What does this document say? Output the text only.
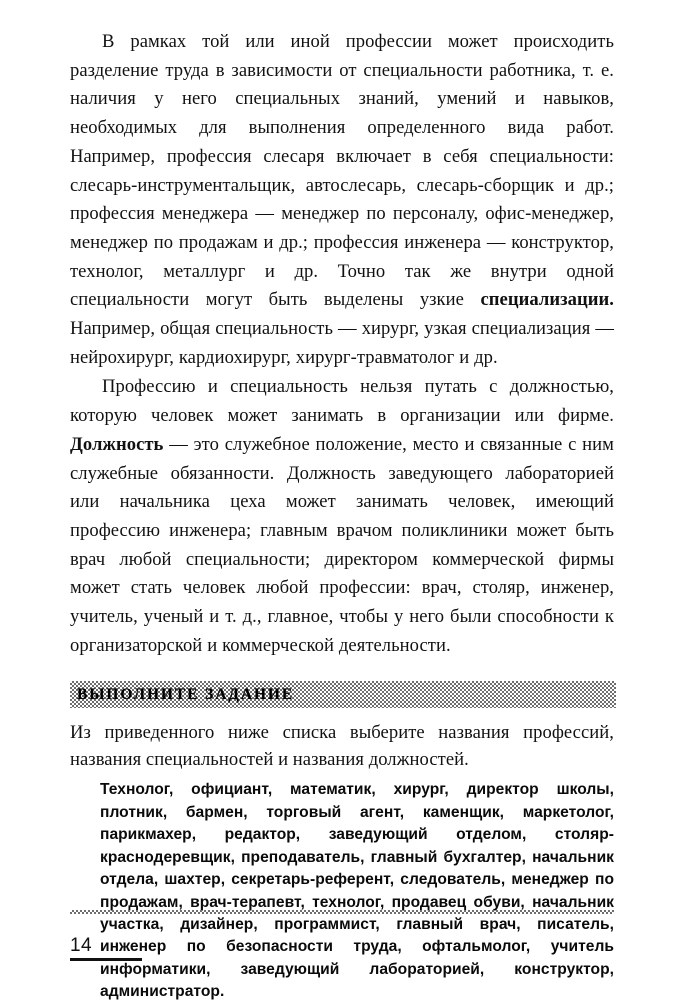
В рамках той или иной профессии может происходить разделение труда в зависимости от специальности работника, т. е. наличия у него специальных знаний, умений и навыков, необходимых для выполнения определенного вида работ. Например, профессия слесаря включает в себя специальности: слесарь-инструментальщик, автослесарь, слесарь-сборщик и др.; профессия менеджера — менеджер по персоналу, офис-менеджер, менеджер по продажам и др.; профессия инженера — конструктор, технолог, металлург и др. Точно так же внутри одной специальности могут быть выделены узкие специализации. Например, общая специальность — хирург, узкая специализация — нейрохирург, кардиохирург, хирург-травматолог и др.

Профессию и специальность нельзя путать с должностью, которую человек может занимать в организации или фирме. Должность — это служебное положение, место и связанные с ним служебные обязанности. Должность заведующего лабораторией или начальника цеха может занимать человек, имеющий профессию инженера; главным врачом поликлиники может быть врач любой специальности; директором коммерческой фирмы может стать человек любой профессии: врач, столяр, инженер, учитель, ученый и т. д., главное, чтобы у него были способности к организаторской и коммерческой деятельности.

ВЫПОЛНИТЕ ЗАДАНИЕ

Из приведенного ниже списка выберите названия профессий, названия специальностей и названия должностей.

Технолог, официант, математик, хирург, директор школы, плотник, бармен, торговый агент, каменщик, маркетолог, парикмахер, редактор, заведующий отделом, столяр-краснодеревщик, преподаватель, главный бухгалтер, начальник отдела, шахтер, секретарь-референт, следователь, менеджер по продажам, врач-терапевт, технолог, продавец обуви, начальник участка, дизайнер, программист, главный врач, писатель, инженер по безопасности труда, офтальмолог, учитель информатики, заведующий лабораторией, конструктор, администратор.

14
